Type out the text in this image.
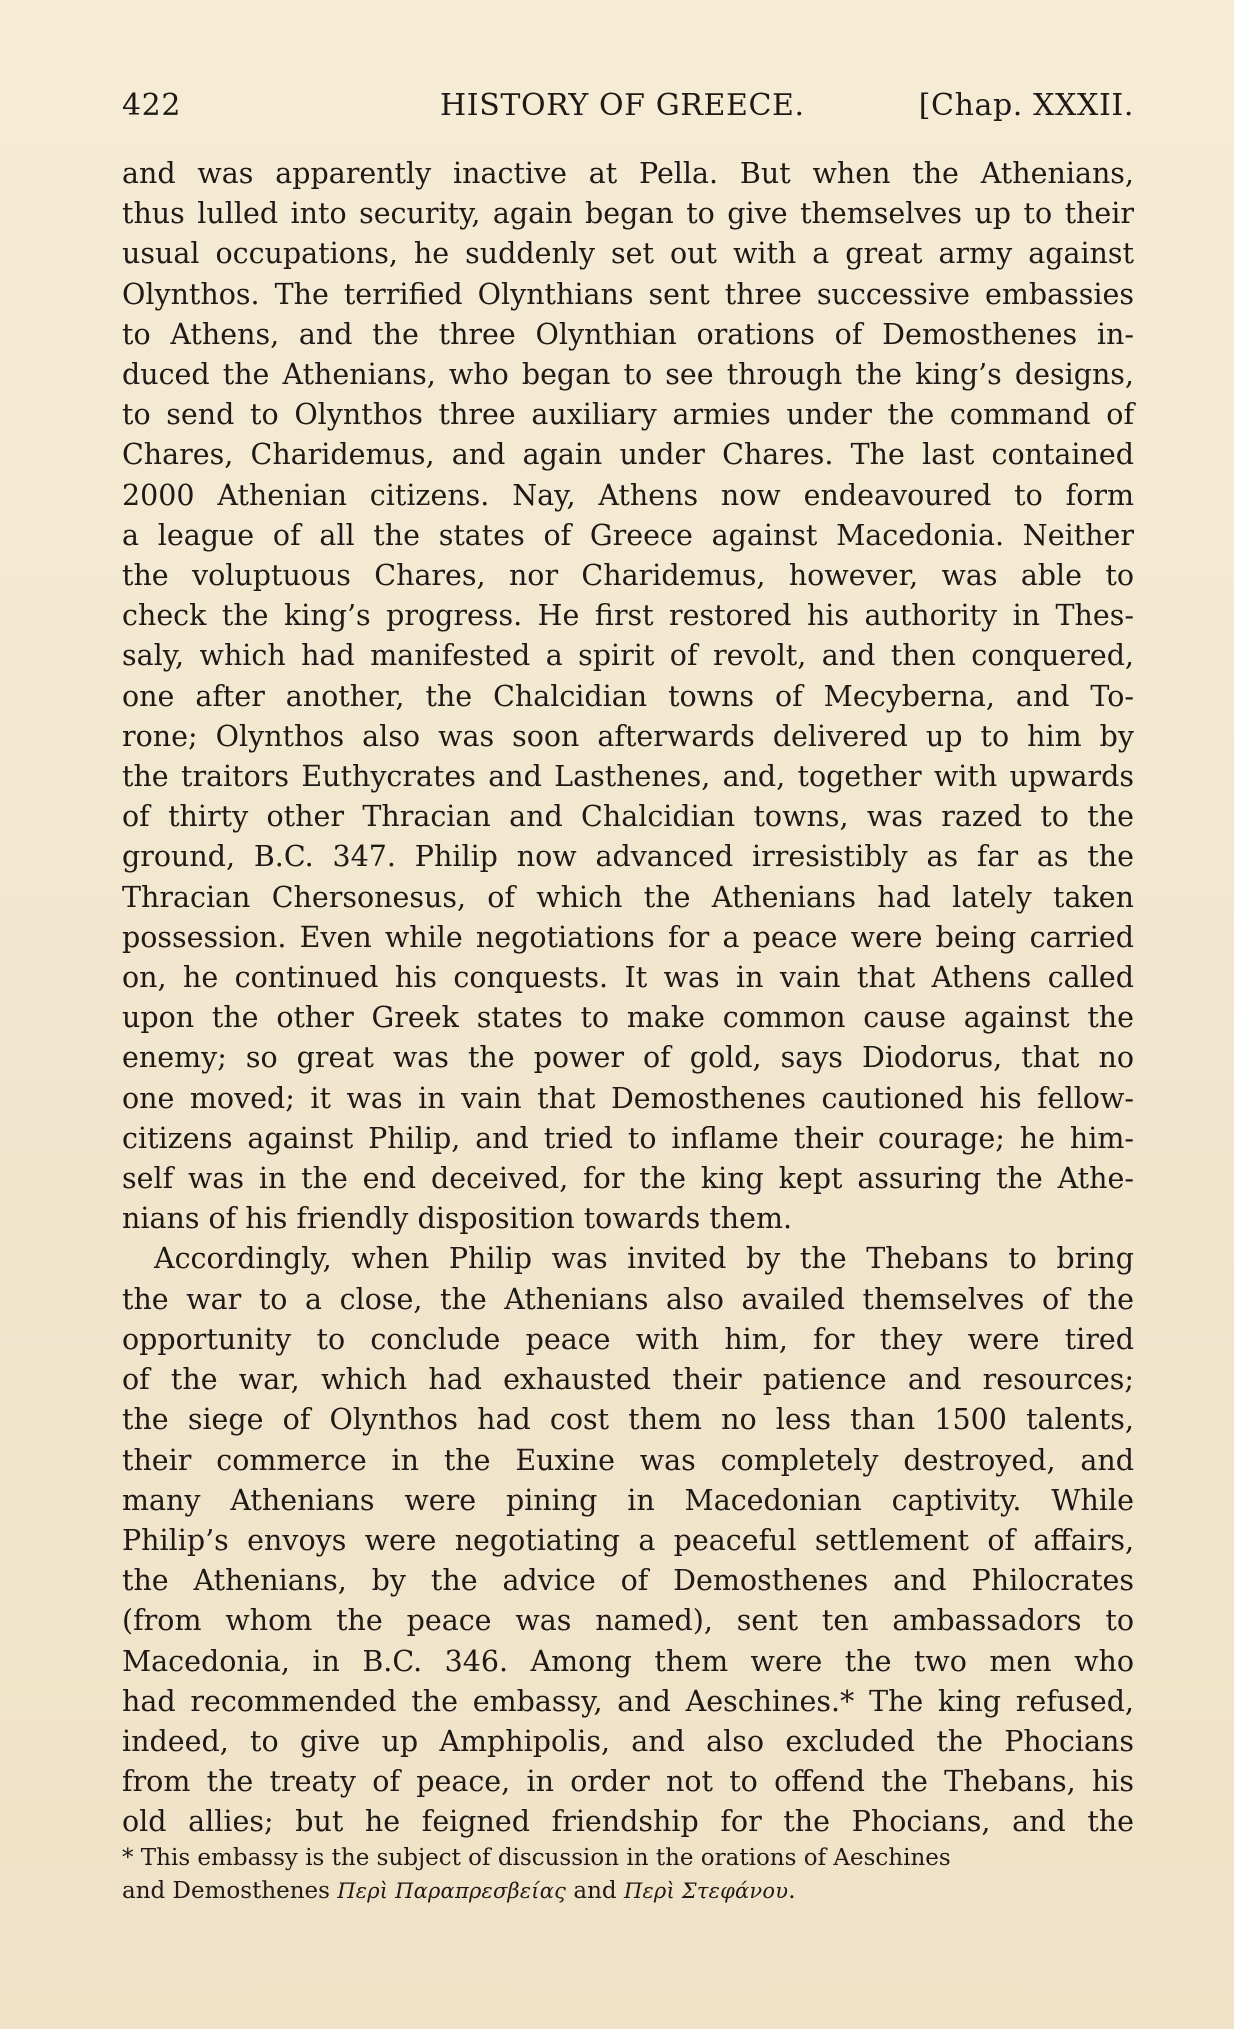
422	HISTORY OF GREECE.	[Chap. XXXII.
and was apparently inactive at Pella. But when the Athenians,
thus lulled into security, again began to give themselves up to their
usual occupations, he suddenly set out with a great army against
Olynthos. The terrified Olynthians sent three successive embassies
to Athens, and the three Olynthian orations of Demosthenes in-
duced the Athenians, who began to see through the king’s designs,
to send to Olynthos three auxiliary armies under the command of
Chares, Charidemus, and again under Chares. The last contained
2000 Athenian citizens. Nay, Athens now endeavoured to form
a league of all the states of Greece against Macedonia. Neither
the voluptuous Chares, nor Charidemus, however, was able to
check the king’s progress. He first restored his authority in Thes-
saly, which had manifested a spirit of revolt, and then conquered,
one after another, the Chalcidian towns of Mecyberna, and To-
rone; Olynthos also was soon afterwards delivered up to him by
the traitors Euthycrates and Lasthenes, and, together with upwards
of thirty other Thracian and Chalcidian towns, was razed to the
ground, B.C. 347. Philip now advanced irresistibly as far as the
Thracian Chersonesus, of which the Athenians had lately taken
possession. Even while negotiations for a peace were being carried
on, he continued his conquests. It was in vain that Athens called
upon the other Greek states to make common cause against the
enemy; so great was the power of gold, says Diodorus, that no
one moved; it was in vain that Demosthenes cautioned his fellow-
citizens against Philip, and tried to inflame their courage; he him-
self was in the end deceived, for the king kept assuring the Athe-
nians of his friendly disposition towards them.
Accordingly, when Philip was invited by the Thebans to bring
the war to a close, the Athenians also availed themselves of the
opportunity to conclude peace with him, for they were tired
of the war, which had exhausted their patience and resources;
the siege of Olynthos had cost them no less than 1500 talents,
their commerce in the Euxine was completely destroyed, and
many Athenians were pining in Macedonian captivity. While
Philip’s envoys were negotiating a peaceful settlement of affairs,
the Athenians, by the advice of Demosthenes and Philocrates
(from whom the peace was named), sent ten ambassadors to
Macedonia, in B.C. 346. Among them were the two men who
had recommended the embassy, and Aeschines.* The king refused,
indeed, to give up Amphipolis, and also excluded the Phocians
from the treaty of peace, in order not to offend the Thebans, his
old allies; but he feigned friendship for the Phocians, and the
* This embassy is the subject of discussion in the orations of Aeschines
and Demosthenes Περὶ Παραπρεσβείας and Περὶ Στεφάνου.
